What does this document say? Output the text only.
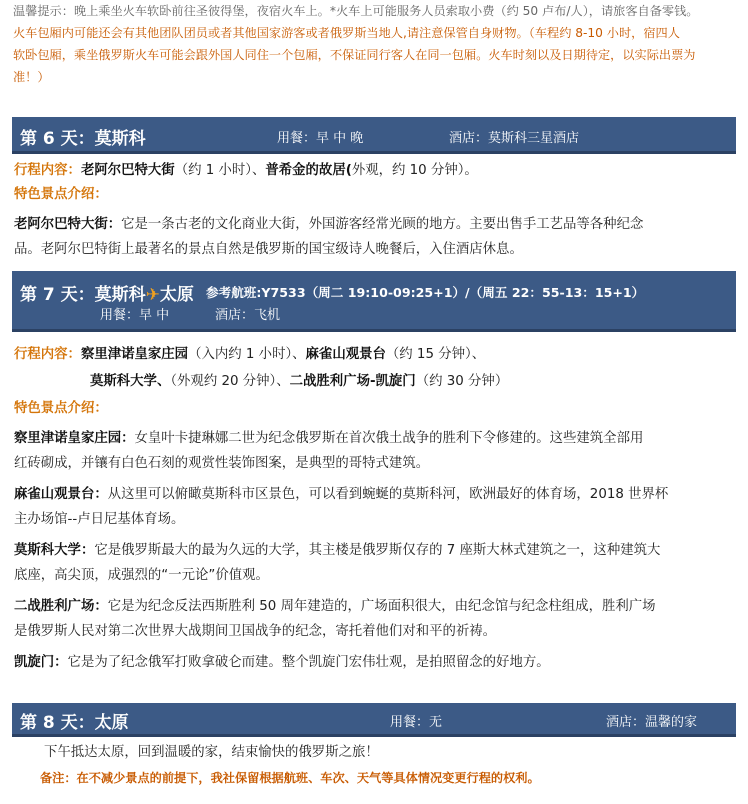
温馨提示：晚上乘坐火车软卧前往圣彼得堡，夜宿火车上。*火车上可能服务人员索取小费（约 50 卢布/人），请旅客自备零钱。
火车包厢内可能还会有其他团队团员或者其他国家游客或者俄罗斯当地人,请注意保管自身财物。（车程约 8-10 小时，宿四人
软卧包厢，乘坐俄罗斯火车可能会跟外国人同住一个包厢，不保证同行客人在同一包厢。火车时刻以及日期待定，以实际出票为
准！）
第 6 天：莫斯科	用餐：早 中 晚	酒店：莫斯科三星酒店
行程内容：老阿尔巴特大街（约 1 小时）、普希金的故居(外观，约 10 分钟）。
特色景点介绍：
老阿尔巴特大街：它是一条古老的文化商业大街，外国游客经常光顾的地方。主要出售手工艺品等各种纪念
品。老阿尔巴特街上最著名的景点自然是俄罗斯的国宝级诗人晚餐后，入住酒店休息。
第 7 天：莫斯科✈太原 参考航班:Y7533（周二 19:10-09:25+1）/（周五 22：55-13：15+1）
用餐：早 中	酒店：飞机
行程内容：察里津诺皇家庄园（入内约 1 小时）、麻雀山观景台（约 15 分钟）、
莫斯科大学、（外观约 20 分钟）、二战胜利广场-凯旋门（约 30 分钟）
特色景点介绍：
察里津诺皇家庄园：女皇叶卡捷琳娜二世为纪念俄罗斯在首次俄土战争的胜利下令修建的。这些建筑全部用
红砖砌成，并镶有白色石刻的观赏性装饰图案，是典型的哥特式建筑。
麻雀山观景台：从这里可以俯瞰莫斯科市区景色，可以看到蜿蜒的莫斯科河，欧洲最好的体育场，2018 世界杯
主办场馆--卢日尼基体育场。
莫斯科大学：它是俄罗斯最大的最为久远的大学，其主楼是俄罗斯仅存的 7 座斯大林式建筑之一，这种建筑大
底座，高尖顶，成强烈的“一元论”价值观。
二战胜利广场：它是为纪念反法西斯胜利 50 周年建造的，广场面积很大，由纪念馆与纪念柱组成，胜利广场
是俄罗斯人民对第二次世界大战期间卫国战争的纪念，寄托着他们对和平的祈祷。
凯旋门：它是为了纪念俄军打败拿破仑而建。整个凯旋门宏伟壮观，是拍照留念的好地方。
第 8 天：太原	用餐：无	酒店：温馨的家
下午抵达太原，回到温暖的家，结束愉快的俄罗斯之旅！
备注：在不减少景点的前提下，我社保留根据航班、车次、天气等具体情况变更行程的权利。
